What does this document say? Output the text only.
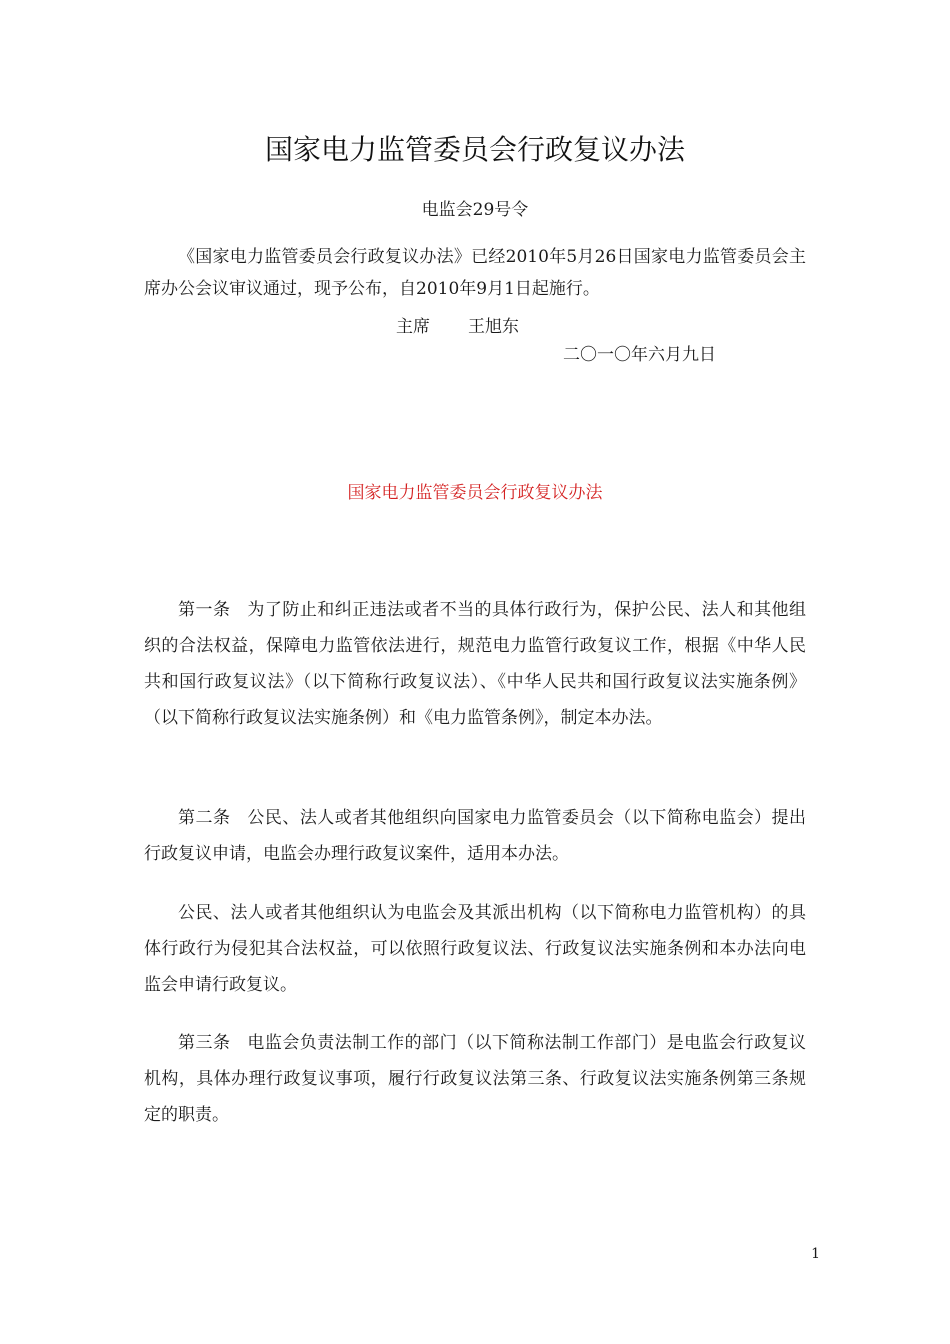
国家电力监管委员会行政复议办法
电监会29号令

《国家电力监管委员会行政复议办法》已经2010年5月26日国家电力监管委员会主席办公会议审议通过，现予公布，自2010年9月1日起施行。

主席 王旭东
二〇一〇年六月九日
国家电力监管委员会行政复议办法

第一条 为了防止和纠正违法或者不当的具体行政行为，保护公民、法人和其他组织的合法权益，保障电力监管依法进行，规范电力监管行政复议工作，根据《中华人民共和国行政复议法》（以下简称行政复议法）、《中华人民共和国行政复议法实施条例》（以下简称行政复议法实施条例）和《电力监管条例》，制定本办法。

第二条 公民、法人或者其他组织向国家电力监管委员会（以下简称电监会）提出行政复议申请，电监会办理行政复议案件，适用本办法。

公民、法人或者其他组织认为电监会及其派出机构（以下简称电力监管机构）的具体行政行为侵犯其合法权益，可以依照行政复议法、行政复议法实施条例和本办法向电监会申请行政复议。

第三条 电监会负责法制工作的部门（以下简称法制工作部门）是电监会行政复议机构，具体办理行政复议事项，履行行政复议法第三条、行政复议法实施条例第三条规定的职责。

1
